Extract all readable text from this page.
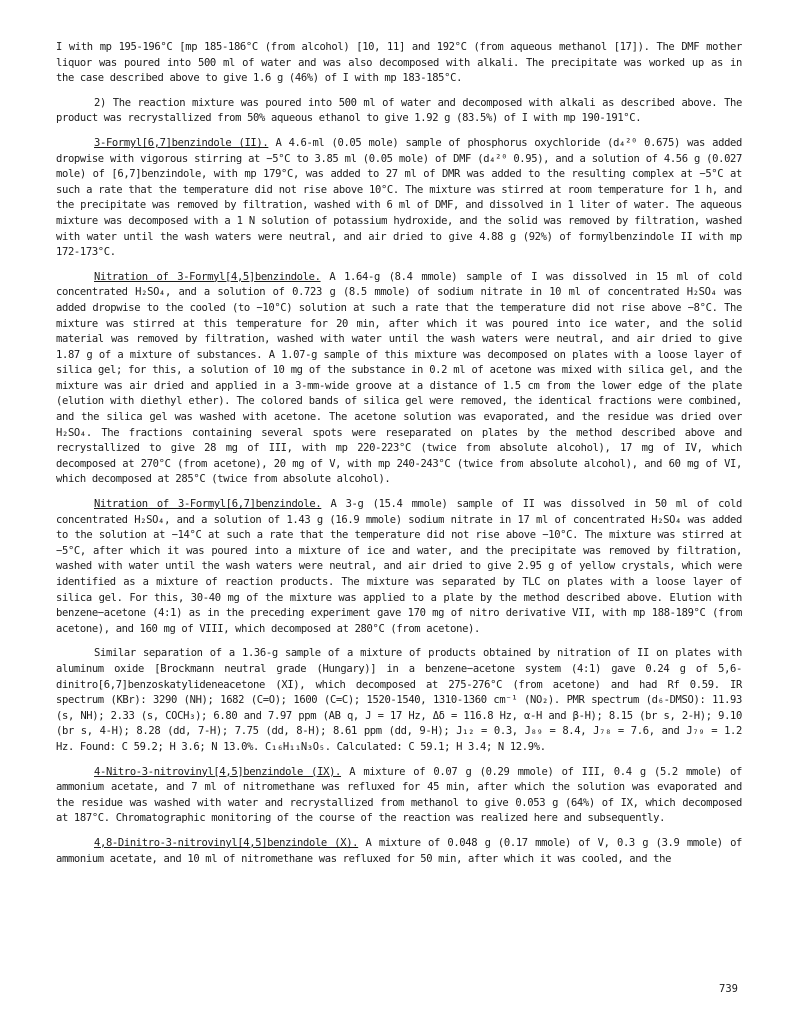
I with mp 195-196°C [mp 185-186°C (from alcohol) [10, 11] and 192°C (from aqueous methanol [17]). The DMF mother liquor was poured into 500 ml of water and was also decomposed with alkali. The precipitate was worked up as in the case described above to give 1.6 g (46%) of I with mp 183-185°C.

2) The reaction mixture was poured into 500 ml of water and decomposed with alkali as described above. The product was recrystallized from 50% aqueous ethanol to give 1.92 g (83.5%) of I with mp 190-191°C.

3-Formyl[6,7]benzindole (II). A 4.6-ml (0.05 mole) sample of phosphorus oxychloride (d₄²⁰ 0.675) was added dropwise with vigorous stirring at −5°C to 3.85 ml (0.05 mole) of DMF (d₄²⁰ 0.95), and a solution of 4.56 g (0.027 mole) of [6,7]benzindole, with mp 179°C, was added to 27 ml of DMR was added to the resulting complex at −5°C at such a rate that the temperature did not rise above 10°C. The mixture was stirred at room temperature for 1 h, and the precipitate was removed by filtration, washed with 6 ml of DMF, and dissolved in 1 liter of water. The aqueous mixture was decomposed with a 1 N solution of potassium hydroxide, and the solid was removed by filtration, washed with water until the wash waters were neutral, and air dried to give 4.88 g (92%) of formylbenzindole II with mp 172-173°C.

Nitration of 3-Formyl[4,5]benzindole. A 1.64-g (8.4 mmole) sample of I was dissolved in 15 ml of cold concentrated H₂SO₄, and a solution of 0.723 g (8.5 mmole) of sodium nitrate in 10 ml of concentrated H₂SO₄ was added dropwise to the cooled (to −10°C) solution at such a rate that the temperature did not rise above −8°C. The mixture was stirred at this temperature for 20 min, after which it was poured into ice water, and the solid material was removed by filtration, washed with water until the wash waters were neutral, and air dried to give 1.87 g of a mixture of substances. A 1.07-g sample of this mixture was decomposed on plates with a loose layer of silica gel; for this, a solution of 10 mg of the substance in 0.2 ml of acetone was mixed with silica gel, and the mixture was air dried and applied in a 3-mm-wide groove at a distance of 1.5 cm from the lower edge of the plate (elution with diethyl ether). The colored bands of silica gel were removed, the identical fractions were combined, and the silica gel was washed with acetone. The acetone solution was evaporated, and the residue was dried over H₂SO₄. The fractions containing several spots were reseparated on plates by the method described above and recrystallized to give 28 mg of III, with mp 220-223°C (twice from absolute alcohol), 17 mg of IV, which decomposed at 270°C (from acetone), 20 mg of V, with mp 240-243°C (twice from absolute alcohol), and 60 mg of VI, which decomposed at 285°C (twice from absolute alcohol).

Nitration of 3-Formyl[6,7]benzindole. A 3-g (15.4 mmole) sample of II was dissolved in 50 ml of cold concentrated H₂SO₄, and a solution of 1.43 g (16.9 mmole) sodium nitrate in 17 ml of concentrated H₂SO₄ was added to the solution at −14°C at such a rate that the temperature did not rise above −10°C. The mixture was stirred at −5°C, after which it was poured into a mixture of ice and water, and the precipitate was removed by filtration, washed with water until the wash waters were neutral, and air dried to give 2.95 g of yellow crystals, which were identified as a mixture of reaction products. The mixture was separated by TLC on plates with a loose layer of silica gel. For this, 30-40 mg of the mixture was applied to a plate by the method described above. Elution with benzene−acetone (4:1) as in the preceding experiment gave 170 mg of nitro derivative VII, with mp 188-189°C (from acetone), and 160 mg of VIII, which decomposed at 280°C (from acetone).

Similar separation of a 1.36-g sample of a mixture of products obtained by nitration of II on plates with aluminum oxide [Brockmann neutral grade (Hungary)] in a benzene−acetone system (4:1) gave 0.24 g of 5,6-dinitro[6,7]benzoskatylideneacetone (XI), which decomposed at 275-276°C (from acetone) and had Rf 0.59. IR spectrum (KBr): 3290 (NH); 1682 (C=O); 1600 (C=C); 1520-1540, 1310-1360 cm⁻¹ (NO₂). PMR spectrum (d₆-DMSO): 11.93 (s, NH); 2.33 (s, COCH₃); 6.80 and 7.97 ppm (AB q, J = 17 Hz, Δδ = 116.8 Hz, α-H and β-H); 8.15 (br s, 2-H); 9.10 (br s, 4-H); 8.28 (dd, 7-H); 7.75 (dd, 8-H); 8.61 ppm (dd, 9-H); J₁₂ = 0.3, J₈₉ = 8.4, J₇₈ = 7.6, and J₇₉ = 1.2 Hz. Found: C 59.2; H 3.6; N 13.0%. C₁₆H₁₁N₃O₅. Calculated: C 59.1; H 3.4; N 12.9%.

4-Nitro-3-nitrovinyl[4,5]benzindole (IX). A mixture of 0.07 g (0.29 mmole) of III, 0.4 g (5.2 mmole) of ammonium acetate, and 7 ml of nitromethane was refluxed for 45 min, after which the solution was evaporated and the residue was washed with water and recrystallized from methanol to give 0.053 g (64%) of IX, which decomposed at 187°C. Chromatographic monitoring of the course of the reaction was realized here and subsequently.

4,8-Dinitro-3-nitrovinyl[4,5]benzindole (X). A mixture of 0.048 g (0.17 mmole) of V, 0.3 g (3.9 mmole) of ammonium acetate, and 10 ml of nitromethane was refluxed for 50 min, after which it was cooled, and the

739
